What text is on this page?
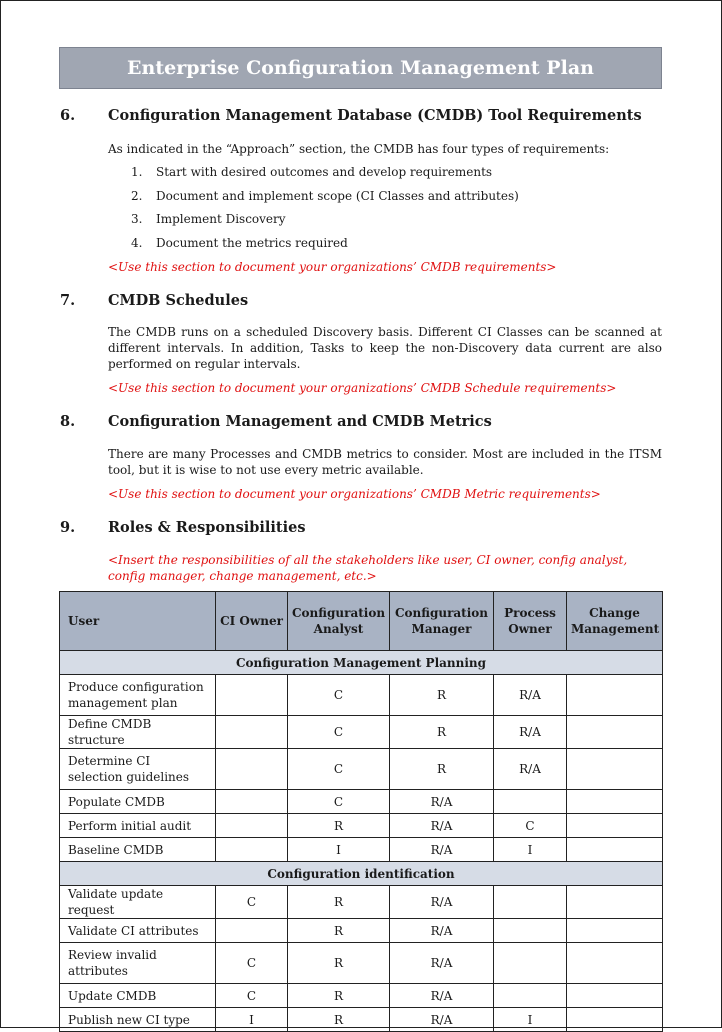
Enterprise Configuration Management Plan
6.	Configuration Management Database (CMDB) Tool Requirements
As indicated in the “Approach” section, the CMDB has four types of requirements:
1.	Start with desired outcomes and develop requirements
2.	Document and implement scope (CI Classes and attributes)
3.	Implement Discovery
4.	Document the metrics required
<Use this section to document your organizations’ CMDB requirements>
7.	CMDB Schedules
The CMDB runs on a scheduled Discovery basis. Different CI Classes can be scanned at different intervals. In addition, Tasks to keep the non-Discovery data current are also performed on regular intervals.
<Use this section to document your organizations’ CMDB Schedule requirements>
8.	Configuration Management and CMDB Metrics
There are many Processes and CMDB metrics to consider. Most are included in the ITSM tool, but it is wise to not use every metric available.
<Use this section to document your organizations’ CMDB Metric requirements>
9.	Roles & Responsibilities
<Insert the responsibilities of all the stakeholders like user, CI owner, config analyst, config manager, change management, etc.>
User	CI Owner	Configuration Analyst	Configuration Manager	Process Owner	Change Management
Configuration Management Planning					
Produce configuration management plan		C	R	R/A	
Define CMDB structure		C	R	R/A	
Determine CI selection guidelines		C	R	R/A	
Populate CMDB		C	R/A		
Perform initial audit		R	R/A	C	
Baseline CMDB		I	R/A	I	
Configuration identification					
Validate update request	C	R	R/A		
Validate CI attributes		R	R/A		
Review invalid attributes	C	R	R/A		
Update CMDB	C	R	R/A		
Publish new CI type	I	R	R/A	I	
